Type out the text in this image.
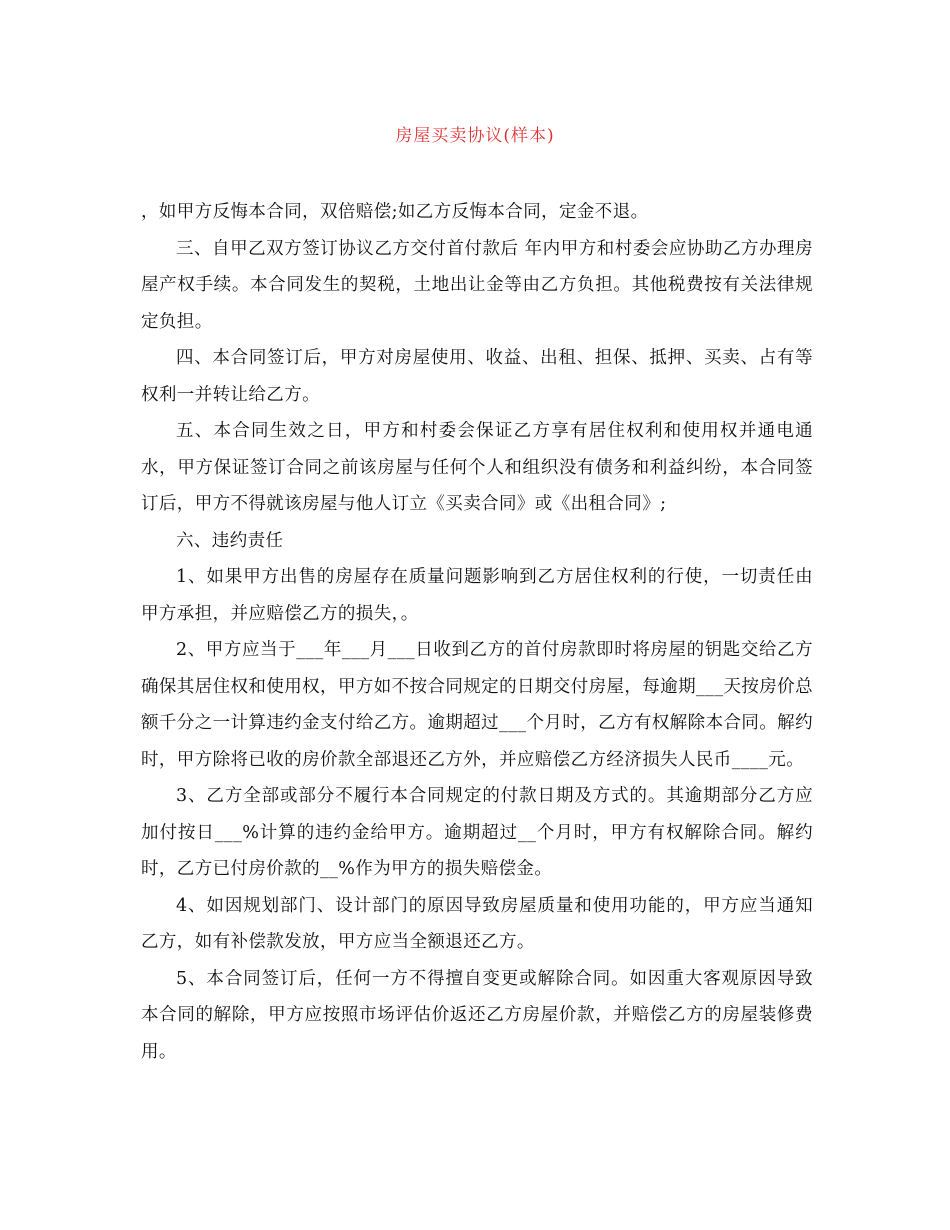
房屋买卖协议(样本)

，如甲方反悔本合同，双倍赔偿;如乙方反悔本合同，定金不退。

三、自甲乙双方签订协议乙方交付首付款后 年内甲方和村委会应协助乙方办理房屋产权手续。本合同发生的契税，土地出让金等由乙方负担。其他税费按有关法律规定负担。

四、本合同签订后，甲方对房屋使用、收益、出租、担保、抵押、买卖、占有等权利一并转让给乙方。

五、本合同生效之日，甲方和村委会保证乙方享有居住权利和使用权并通电通水，甲方保证签订合同之前该房屋与任何个人和组织没有债务和利益纠纷，本合同签订后，甲方不得就该房屋与他人订立《买卖合同》或《出租合同》;

六、违约责任

1、如果甲方出售的房屋存在质量问题影响到乙方居住权利的行使，一切责任由甲方承担，并应赔偿乙方的损失，。

2、甲方应当于___年___月___日收到乙方的首付房款即时将房屋的钥匙交给乙方确保其居住权和使用权，甲方如不按合同规定的日期交付房屋，每逾期___天按房价总额千分之一计算违约金支付给乙方。逾期超过___个月时，乙方有权解除本合同。解约时，甲方除将已收的房价款全部退还乙方外，并应赔偿乙方经济损失人民币____元。

3、乙方全部或部分不履行本合同规定的付款日期及方式的。其逾期部分乙方应加付按日___%计算的违约金给甲方。逾期超过__个月时，甲方有权解除合同。解约时，乙方已付房价款的__%作为甲方的损失赔偿金。

4、如因规划部门、设计部门的原因导致房屋质量和使用功能的，甲方应当通知乙方，如有补偿款发放，甲方应当全额退还乙方。

5、本合同签订后，任何一方不得擅自变更或解除合同。如因重大客观原因导致本合同的解除，甲方应按照市场评估价返还乙方房屋价款，并赔偿乙方的房屋装修费用。
